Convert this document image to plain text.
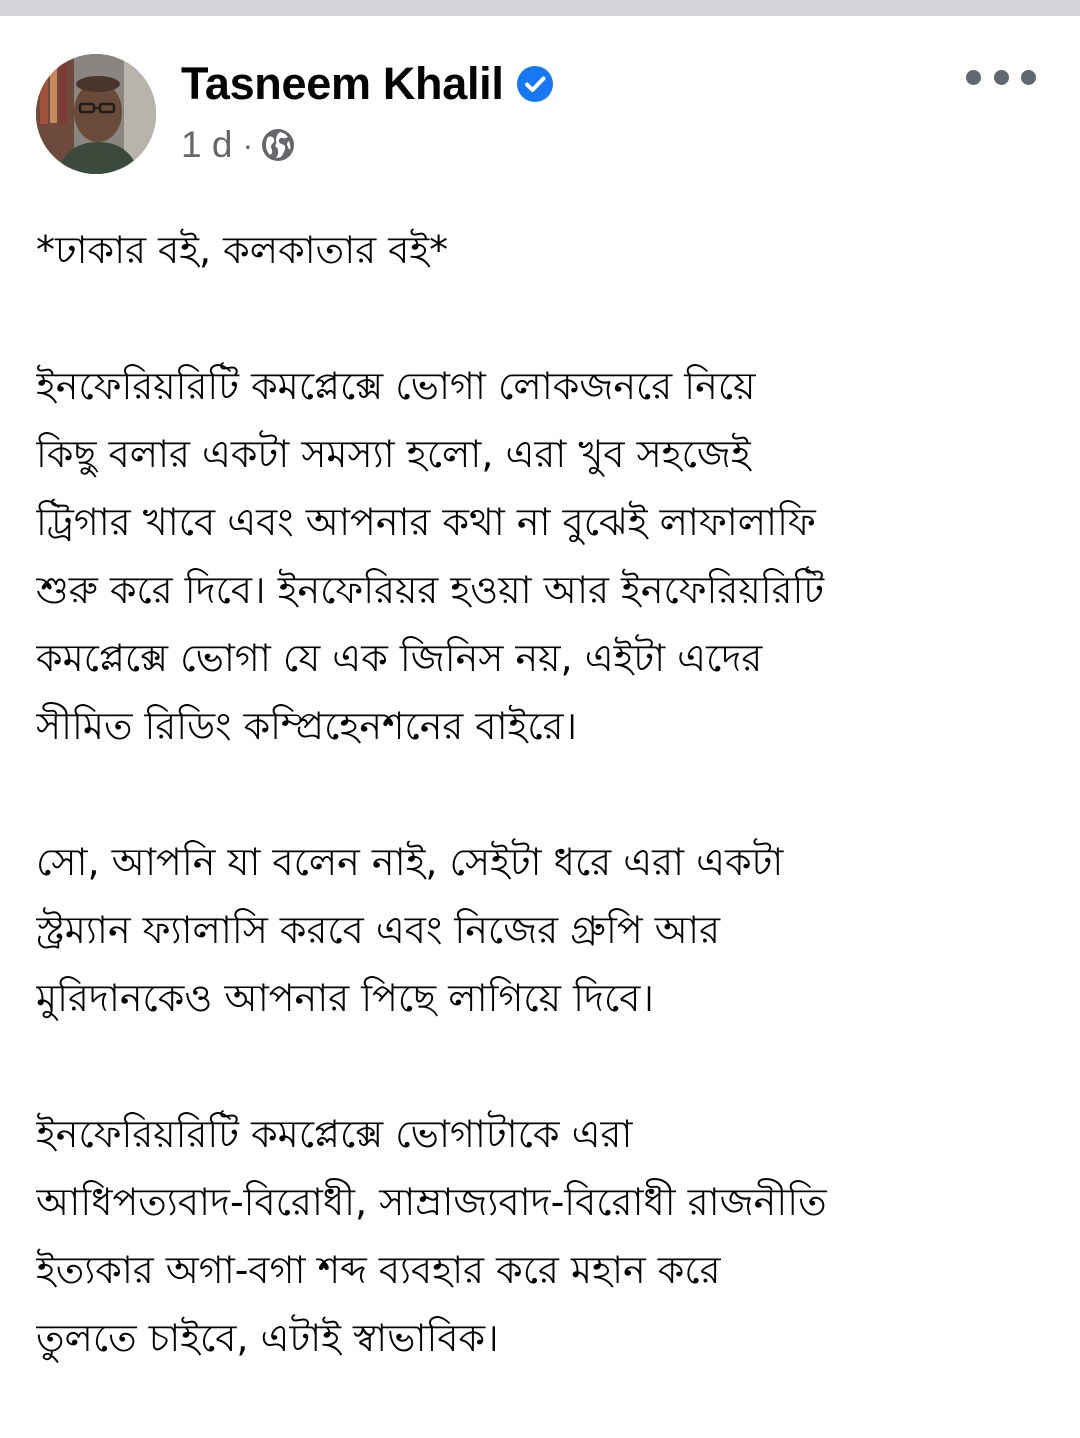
Tasneem Khalil
1 d ·
*ঢাকার বই, কলকাতার বই*
ইনফেরিয়রিটি কমপ্লেক্সে ভোগা লোকজনরে নিয়ে
কিছু বলার একটা সমস্যা হলো, এরা খুব সহজেই
ট্রিগার খাবে এবং আপনার কথা না বুঝেই লাফালাফি
শুরু করে দিবে। ইনফেরিয়র হওয়া আর ইনফেরিয়রিটি
কমপ্লেক্সে ভোগা যে এক জিনিস নয়, এইটা এদের
সীমিত রিডিং কম্প্রিহেনশনের বাইরে।
সো, আপনি যা বলেন নাই, সেইটা ধরে এরা একটা
স্ট্রম্যান ফ্যালাসি করবে এবং নিজের গ্রুপি আর
মুরিদানকেও আপনার পিছে লাগিয়ে দিবে।
ইনফেরিয়রিটি কমপ্লেক্সে ভোগাটাকে এরা
আধিপত্যবাদ-বিরোধী, সাম্রাজ্যবাদ-বিরোধী রাজনীতি
ইত্যকার অগা-বগা শব্দ ব্যবহার করে মহান করে
তুলতে চাইবে, এটাই স্বাভাবিক।
